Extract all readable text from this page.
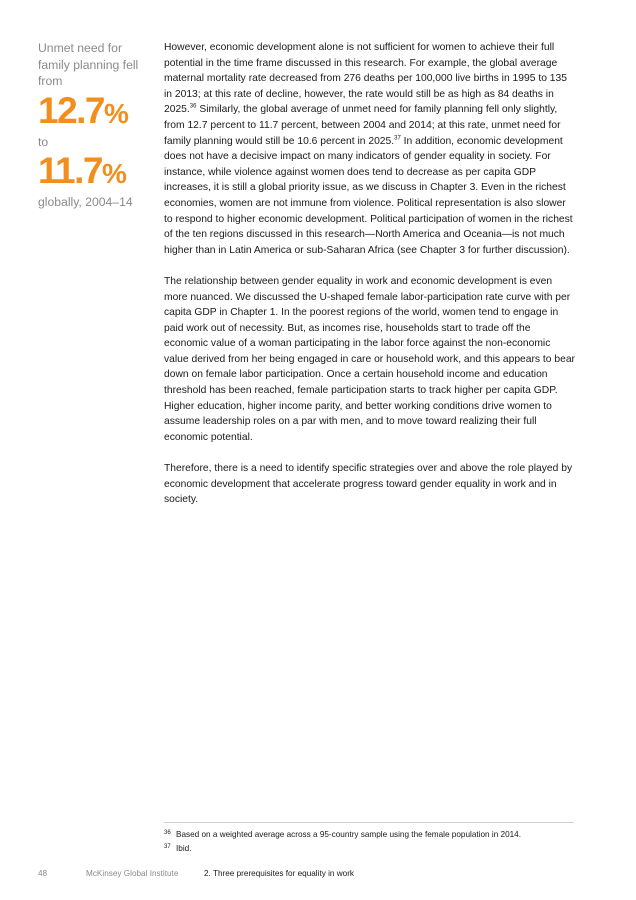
Unmet need for family planning fell from
12.7%
to
11.7%
globally, 2004–14

However, economic development alone is not sufficient for women to achieve their full potential in the time frame discussed in this research. For example, the global average maternal mortality rate decreased from 276 deaths per 100,000 live births in 1995 to 135 in 2013; at this rate of decline, however, the rate would still be as high as 84 deaths in 2025.36 Similarly, the global average of unmet need for family planning fell only slightly, from 12.7 percent to 11.7 percent, between 2004 and 2014; at this rate, unmet need for family planning would still be 10.6 percent in 2025.37 In addition, economic development does not have a decisive impact on many indicators of gender equality in society. For instance, while violence against women does tend to decrease as per capita GDP increases, it is still a global priority issue, as we discuss in Chapter 3. Even in the richest economies, women are not immune from violence. Political representation is also slower to respond to higher economic development. Political participation of women in the richest of the ten regions discussed in this research—North America and Oceania—is not much higher than in Latin America or sub-Saharan Africa (see Chapter 3 for further discussion).

The relationship between gender equality in work and economic development is even more nuanced. We discussed the U-shaped female labor-participation rate curve with per capita GDP in Chapter 1. In the poorest regions of the world, women tend to engage in paid work out of necessity. But, as incomes rise, households start to trade off the economic value of a woman participating in the labor force against the non-economic value derived from her being engaged in care or household work, and this appears to bear down on female labor participation. Once a certain household income and education threshold has been reached, female participation starts to track higher per capita GDP. Higher education, higher income parity, and better working conditions drive women to assume leadership roles on a par with men, and to move toward realizing their full economic potential.

Therefore, there is a need to identify specific strategies over and above the role played by economic development that accelerate progress toward gender equality in work and in society.

36 Based on a weighted average across a 95-country sample using the female population in 2014.
37 Ibid.
48	McKinsey Global Institute	2. Three prerequisites for equality in work
